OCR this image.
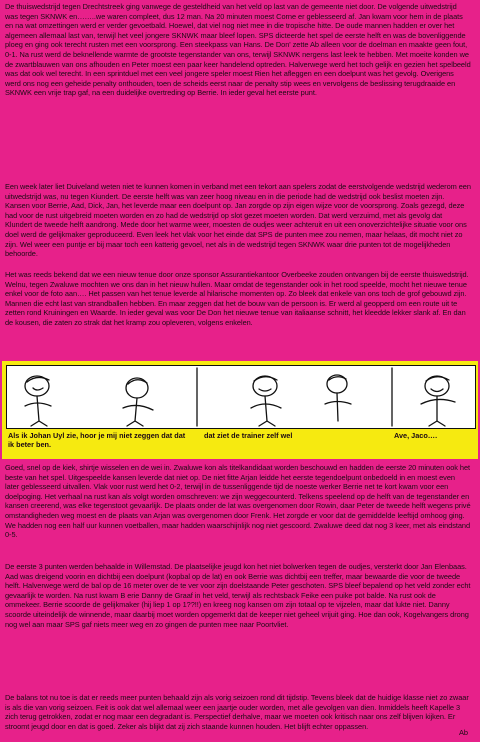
De thuiswedstrijd tegen Drechtstreek ging vanwege de gesteldheid van het veld op last van de gemeente niet door. De volgende uitwedstrijd was tegen SKNWK en……..we waren compleet, dus 12 man. Na 20 minuten moest Corne er geblesseerd af. Jan kwam voor hem in de plaats en na wat omzettingen werd er verder gevoetbald. Hoewel, dat viel nog niet mee in die tropische hitte. De oude mannen hadden er over het algemeen allemaal last van, terwijl het veel jongere SKNWK maar bleef lopen. SPS dicteerde het spel de eerste helft en was de bovenliggende ploeg en ging ook terecht rusten met een voorsprong. Een steekpass van Hans. De Don' zette Ab alleen voor de doelman en maakte geen fout, 0-1. Na rust werd de beknellende warmte de grootste tegenstander van ons, terwijl SKNWK nergens last leek te hebben. Met moeite konden we de zwartblauwen van ons afhouden en Peter moest een paar keer handelend optreden. Halverwege werd het toch gelijk en gezien het spelbeeld was dat ook wel terecht. In een sprintduel met een veel jongere speler moest Rien het afleggen en een doelpunt was het gevolg. Overigens werd ons nog een geheide penalty onthouden, toen de scheids eerst naar de penalty stip wees en vervolgens de beslissing terugdraaide en SKNWK een vrije trap gaf, na een duidelijke overtreding op Berrie. In ieder geval het eerste punt.

Een week later liet Duiveland weten niet te kunnen komen in verband met een tekort aan spelers zodat de eerstvolgende wedstrijd wederom een uitwedstrijd was, nu tegen Kiundert. De eerste helft was van zeer hoog niveau en in die periode had de wedstrijd ook beslist moeten zijn. Kansen voor Berrie, Aad, Dick, Jan, het leverde maar een doelpunt op. Jan zorgde op zijn eigen wijze voor de voorsprong. Zoals gezegd, deze had voor de rust uitgebreid moeten worden en zo had de wedstrijd op slot gezet moeten worden. Dat werd verzuimd, met als gevolg dat Klundert de tweede helft aandrong. Mede door het warme weer, moesten de oudjes weer achteruit en uit een onoverzichtelijke situatie voor ons doel werd de gelijkmaker geproduceerd. Even leek het vlak voor het einde dat SPS de punten mee zou nemen, maar helaas, dit mocht niet zo zijn. Wel weer een puntje er bij maar toch een katterig gevoel, net als in de wedstrijd tegen SKNWK waar drie punten tot de mogelijkheden behoorde.

Het was reeds bekend dat we een nieuw tenue door onze sponsor Assurantiekantoor Overbeeke zouden ontvangen bij de eerste thuiswedstrijd. Welnu, tegen Zwaluwe mochten we ons dan in het nieuw hullen. Maar omdat de tegenstander ook in het rood speelde, mocht het nieuwe tenue enkel voor de foto aan…. Het passen van het tenue leverde al hilarische momenten op. Zo bleek dat enkele van ons toch de grof gebouwd zijn. Mannen die echt last van strandballen hebben. En maar zeggen dat het de bouw van de persoon is. Er werd al geopperd om een route uit te zetten rond Kruiningen en Waarde. In ieder geval was voor De Don het nieuwe tenue van italiaanse schnitt, het kleedde lekker slank af. En dan de kousen, die zaten zo strak dat het kramp zou opleveren, volgens enkelen.

Als ik Johan Uyl zie, hoor je mij niet zeggen dat dat ik beter ben.
dat ziet de trainer zelf wel	Ave, Jaco….

Goed, snel op de kiek, shirtje wisselen en de wei in. Zwaluwe kon als titelkandidaat worden beschouwd en hadden de eerste 20 minuten ook het beste van het spel. Uitgespeelde kansen leverde dat niet op. De niet fitte Arjan leidde het eerste tegendoelpunt onbedoeld in en moest even later geblesseerd uitvallen. Vlak voor rust werd het 0-2, terwijl in de tussenliggende tijd de noeste werker Berrie net te kort kwam voor een doelpoging. Het verhaal na rust kan als volgt worden omschreven: we zijn weggecounterd. Telkens speelend op de helft van de tegenstander en kansen creerend, was elke tegenstoot gevaarlijk. De plaats onder de lat was overgenomen door Rowin, daar Peter de tweede helft wegens privé omstandigheden weg moest en de plaats van Arjan was overgenomen door Frenk. Het zorgde er voor dat de gemiddelde leeftijd omhoog ging. We hadden nog een half uur kunnen voetballen, maar hadden waarschijnlijk nog niet gescoord. Zwaluwe deed dat nog 3 keer, met als eindstand 0-5.

De eerste 3 punten werden behaalde in Willemstad. De plaatselijke jeugd kon het niet bolwerken tegen de oudjes, versterkt door Jan Elenbaas. Aad was dreigend voorin en dichtbij een doelpunt (kopbal op de lat) en ook Berrie was dichtbij een treffer, maar bewaarde die voor de tweede helft. Halverwege werd de bal op de 16 meter over de te ver voor zijn doelstaande Peter geschoten. SPS bleef bepalend op het veld zonder echt gevaarlijk te worden. Na rust kwam B erie Danny de Graaf in het veld, terwijl als rechtsback Feike een puike pot balde. Na rust ook de ommekeer. Berrie scoorde de gelijkmaker (hij liep 1 op 1??!!) en kreeg nog kansen om zijn totaal op te vijzelen, maar dat lukte niet. Danny scoorde uiteindelijk de winnende, maar daarbij moet worden opgemerkt dat de keeper niet geheel vrijuit ging. Hoe dan ook, Kogelvangers drong nog wel aan maar SPS gaf niets meer weg en zo gingen de punten mee naar Poortvliet.

De balans tot nu toe is dat er reeds meer punten behaald zijn als vorig seizoen rond dit tijdstip. Tevens bleek dat de huidige klasse niet zo zwaar is als die van vorig seizoen. Feit is ook dat wel allemaal weer een jaartje ouder worden, met alle gevolgen van dien. Inmiddels heeft Kapelle 3 zich terug getrokken, zodat er nog maar een degradant is. Perspectief derhalve, maar we moeten ook kritisch naar ons zelf blijven kijken. Er stroomt jeugd door en dat is goed. Zeker als blijkt dat zij zich staande kunnen houden. Het blijft echter oppassen.

Ab
